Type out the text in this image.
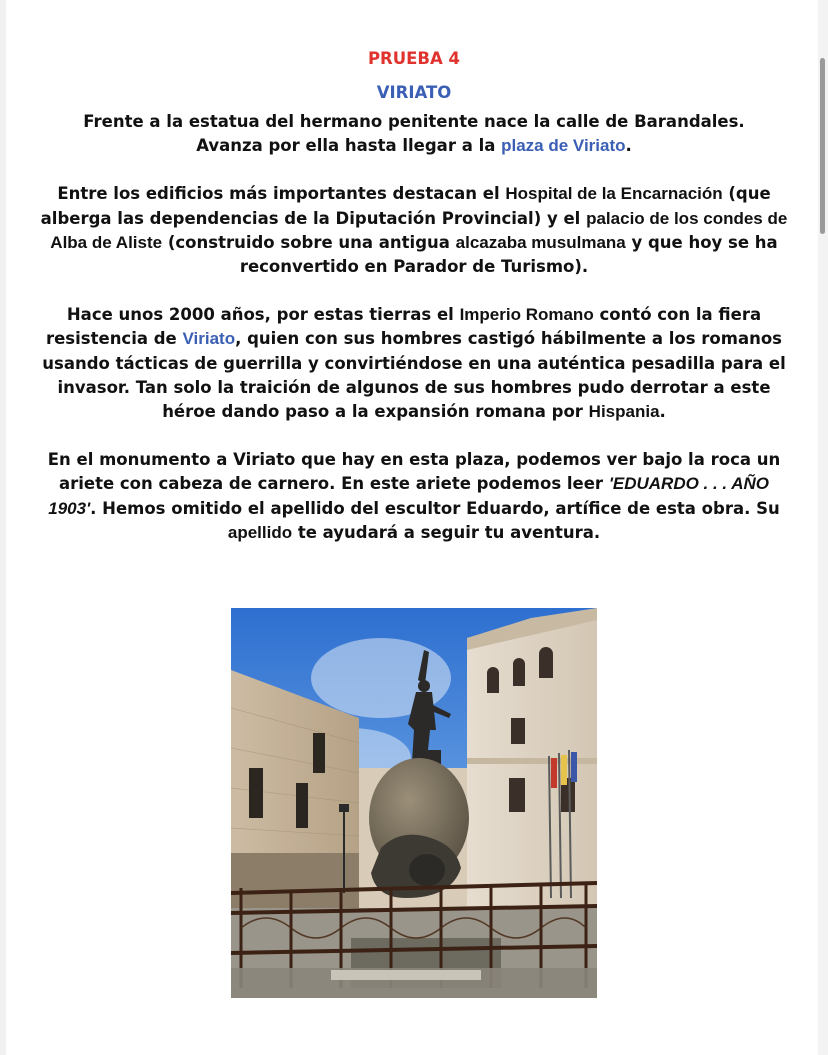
PRUEBA 4
VIRIATO

Frente a la estatua del hermano penitente nace la calle de Barandales.
Avanza por ella hasta llegar a la plaza de Viriato.

Entre los edificios más importantes destacan el Hospital de la Encarnación (que alberga las dependencias de la Diputación Provincial) y el palacio de los condes de Alba de Aliste (construido sobre una antigua alcazaba musulmana y que hoy se ha reconvertido en Parador de Turismo).

Hace unos 2000 años, por estas tierras el Imperio Romano contó con la fiera resistencia de Viriato, quien con sus hombres castigó hábilmente a los romanos usando tácticas de guerrilla y convirtiéndose en una auténtica pesadilla para el invasor. Tan solo la traición de algunos de sus hombres pudo derrotar a este héroe dando paso a la expansión romana por Hispania.

En el monumento a Viriato que hay en esta plaza, podemos ver bajo la roca un ariete con cabeza de carnero. En este ariete podemos leer 'EDUARDO . . . AÑO 1903'. Hemos omitido el apellido del escultor Eduardo, artífice de esta obra. Su apellido te ayudará a seguir tu aventura.
